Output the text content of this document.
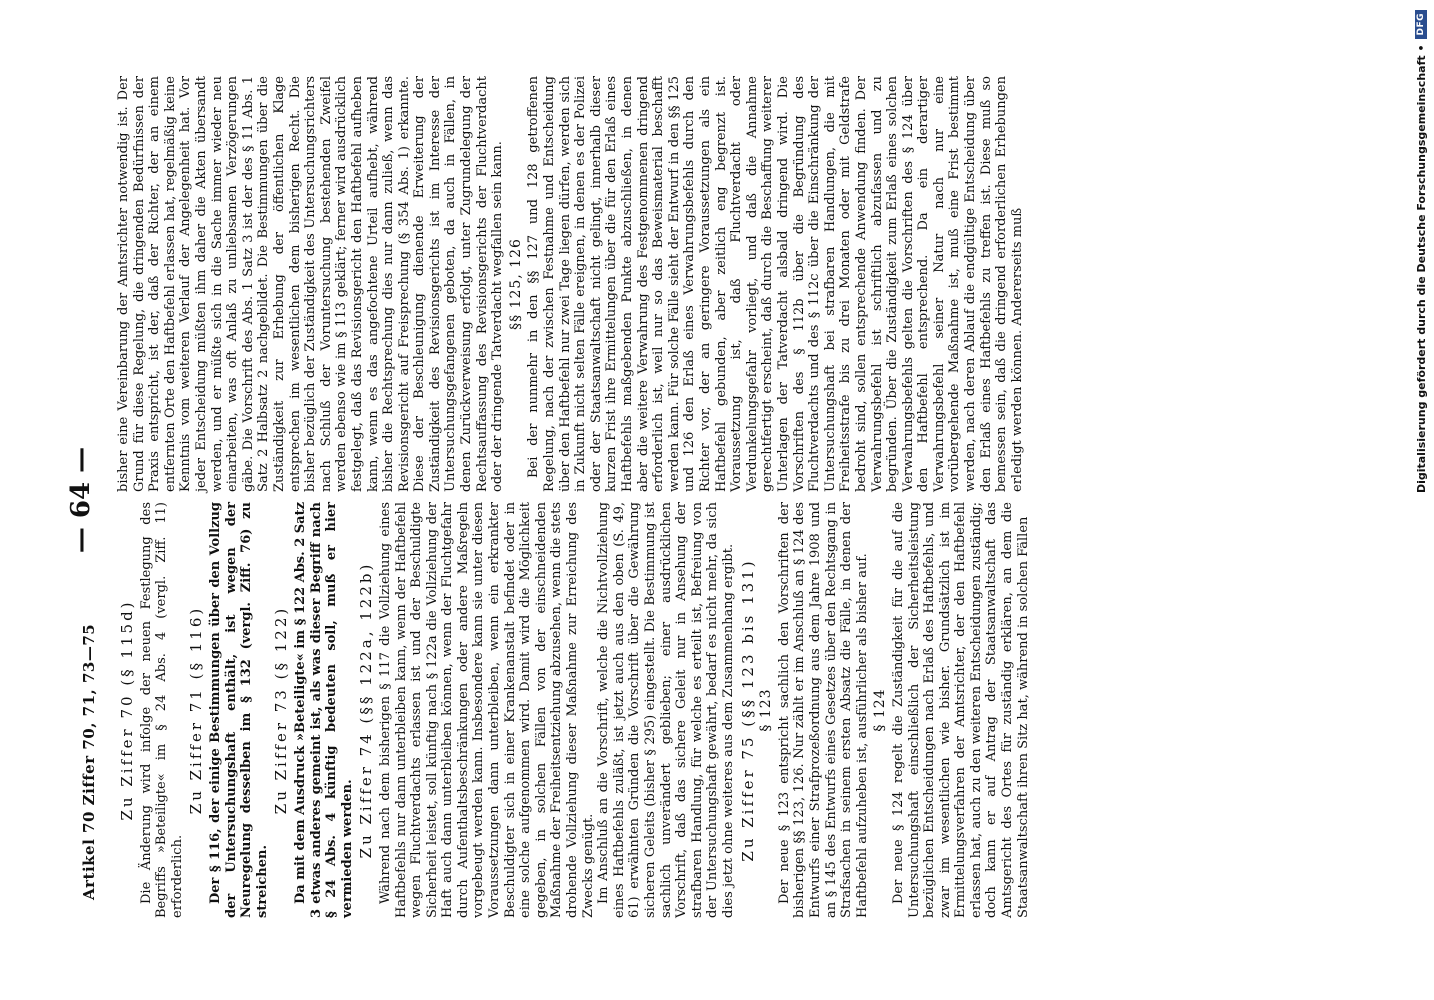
Artikel 70 Ziffer 70, 71, 73—75
— 64 —
Zu Ziffer 70 (§ 115d) Die Änderung wird infolge der neuen Festlegung des Begriffs »Beteiligte« im § 24 Abs. 4 (vergl. Ziff. 11) erforderlich.

Zu Ziffer 71 (§ 116) Der § 116, der einige Bestimmungen über den Vollzug der Untersuchungshaft enthält, ist wegen der Neuregelung desselben im § 132 (vergl. Ziff. 76) zu streichen.

Zu Ziffer 73 (§ 122) Da mit dem Ausdruck »Beteiligte« im § 122 Abs. 2 Satz 3 etwas anderes gemeint ist, als was dieser Begriff nach § 24 Abs. 4 künftig bedeuten soll, muß er hier vermieden werden. Zu Ziffer 74 (§§ 122a, 122b) Während nach dem bisherigen § 117 die Vollziehung eines Haftbefehls nur dann unterbleiben kann, wenn der Haftbefehl wegen Fluchtverdachts erlassen ist und der Beschuldigte Sicherheit leistet, soll künftig nach § 122a die Vollziehung der Haft auch dann unterbleiben können, wenn der Fluchtgefahr durch Aufenthaltsbeschränkungen oder andere Maßregeln vorgebeugt werden kann. Insbesondere kann sie unter diesen Voraussetzungen dann unterbleiben, wenn ein erkrankter Beschuldigter sich in einer Krankenanstalt befindet oder in eine solche aufgenommen wird. Damit wird die Möglichkeit gegeben, in solchen Fällen von der einschneidenden Maßnahme der Freiheitsentziehung abzusehen, wenn die stets drohende Vollziehung dieser Maßnahme zur Erreichung des Zwecks genügt. Im Anschluß an die Vorschrift, welche die Nichtvollziehung eines Haftbefehls zuläßt, ist jetzt auch aus den oben (S. 49, 61) erwähnten Gründen die Vorschrift über die Gewährung sicheren Geleits (bisher § 295) eingestellt. Die Bestimmung ist sachlich unverändert geblieben; einer ausdrücklichen Vorschrift, daß das sichere Geleit nur in Ansehung der strafbaren Handlung, für welche es erteilt ist, Befreiung von der Untersuchungshaft gewährt, bedarf es nicht mehr, da sich dies jetzt ohne weiteres aus dem Zusammenhang ergibt. Zu Ziffer 75 (§§ 123 bis 131) § 123 Der neue § 123 entspricht sachlich den Vorschriften der bisherigen §§ 123, 126. Nur zählt er im Anschluß an § 124 des Entwurfs einer Strafprozeßordnung aus dem Jahre 1908 und an § 145 des Entwurfs eines Gesetzes über den Rechtsgang in Strafsachen in seinem ersten Absatz die Fälle, in denen der Haftbefehl aufzuheben ist, ausführlicher als bisher auf. § 124 Der neue § 124 regelt die Zuständigkeit für die auf die Untersuchungshaft einschließlich der Sicherheitsleistung bezüglichen Entscheidungen nach Erlaß des Haftbefehls, und zwar im wesentlichen wie bisher. Grundsätzlich ist im Ermittelungsverfahren der Amtsrichter, der den Haftbefehl erlassen hat, auch zu den weiteren Entscheidungen zuständig; doch kann er auf Antrag der Staatsanwaltschaft das Amtsgericht des Ortes für zuständig erklären, an dem die Staatsanwaltschaft ihren Sitz hat, während in solchen Fällen

bisher eine Vereinbarung der Amtsrichter notwendig ist. Der Grund für diese Regelung, die dringenden Bedürfnissen der Praxis entspricht, ist der, daß der Richter, der an einem entfernten Orte den Haftbefehl erlassen hat, regelmäßig keine Kenntnis vom weiteren Verlauf der Angelegenheit hat. Vor jeder Entscheidung müßten ihm daher die Akten übersandt werden, und er müßte sich in die Sache immer wieder neu einarbeiten, was oft Anlaß zu unliebsamen Verzögerungen gäbe. Die Vorschrift des Abs. 1 Satz 3 ist der des § 11 Abs. 1 Satz 2 Halbsatz 2 nachgebildet. Die Bestimmungen über die Zuständigkeit zur Erhebung der öffentlichen Klage entsprechen im wesentlichen dem bisherigen Recht. Die bisher bezüglich der Zuständigkeit des Untersuchungsrichters nach Schluß der Voruntersuchung bestehenden Zweifel werden ebenso wie im § 113 geklärt; ferner wird ausdrücklich festgelegt, daß das Revisionsgericht den Haftbefehl aufheben kann, wenn es das angefochtene Urteil aufhebt, während bisher die Rechtsprechung dies nur dann zuließ, wenn das Revisionsgericht auf Freisprechung (§ 354 Abs. 1) erkannte. Diese der Beschleunigung dienende Erweiterung der Zuständigkeit des Revisionsgerichts ist im Interesse der Untersuchungsgefangenen geboten, da auch in Fällen, in denen Zurückverweisung erfolgt, unter Zugrundelegung der Rechtsauffassung des Revisionsgerichts der Fluchtverdacht oder der dringende Tatverdacht wegfallen sein kann. §§ 125, 126 Bei der nunmehr in den §§ 127 und 128 getroffenen Regelung, nach der zwischen Festnahme und Entscheidung über den Haftbefehl nur zwei Tage liegen dürfen, werden sich in Zukunft nicht selten Fälle ereignen, in denen es der Polizei oder der Staatsanwaltschaft nicht gelingt, innerhalb dieser kurzen Frist ihre Ermittelungen über die für den Erlaß eines Haftbefehls maßgebenden Punkte abzuschließen, in denen aber die weitere Verwahrung des Festgenommenen dringend erforderlich ist, weil nur so das Beweismaterial beschafft werden kann. Für solche Fälle sieht der Entwurf in den §§ 125 und 126 den Erlaß eines Verwahrungsbefehls durch den Richter vor, der an geringere Voraussetzungen als ein Haftbefehl gebunden, aber zeitlich eng begrenzt ist. Voraussetzung ist, daß Fluchtverdacht oder Verdunkelungsgefahr vorliegt, und daß die Annahme gerechtfertigt erscheint, daß durch die Beschaffung weiterer Unterlagen der Tatverdacht alsbald dringend wird. Die Vorschriften des § 112b über die Begründung des Fluchtverdachts und des § 112c über die Einschränkung der Untersuchungshaft bei strafbaren Handlungen, die mit Freiheitsstrafe bis zu drei Monaten oder mit Geldstrafe bedroht sind, sollen entsprechende Anwendung finden. Der Verwahrungsbefehl ist schriftlich abzufassen und zu begründen. Über die Zuständigkeit zum Erlaß eines solchen Verwahrungsbefehls gelten die Vorschriften des § 124 über den Haftbefehl entsprechend. Da ein derartiger Verwahrungsbefehl seiner Natur nach nur eine vorübergehende Maßnahme ist, muß eine Frist bestimmt werden, nach deren Ablauf die endgültige Entscheidung über den Erlaß eines Haftbefehls zu treffen ist. Diese muß so bemessen sein, daß die dringend erforderlichen Erhebungen erledigt werden können. Andererseits muß	Digitalisierung gefördert durch die Deutsche Forschungsgemeinschaft •
DFG
